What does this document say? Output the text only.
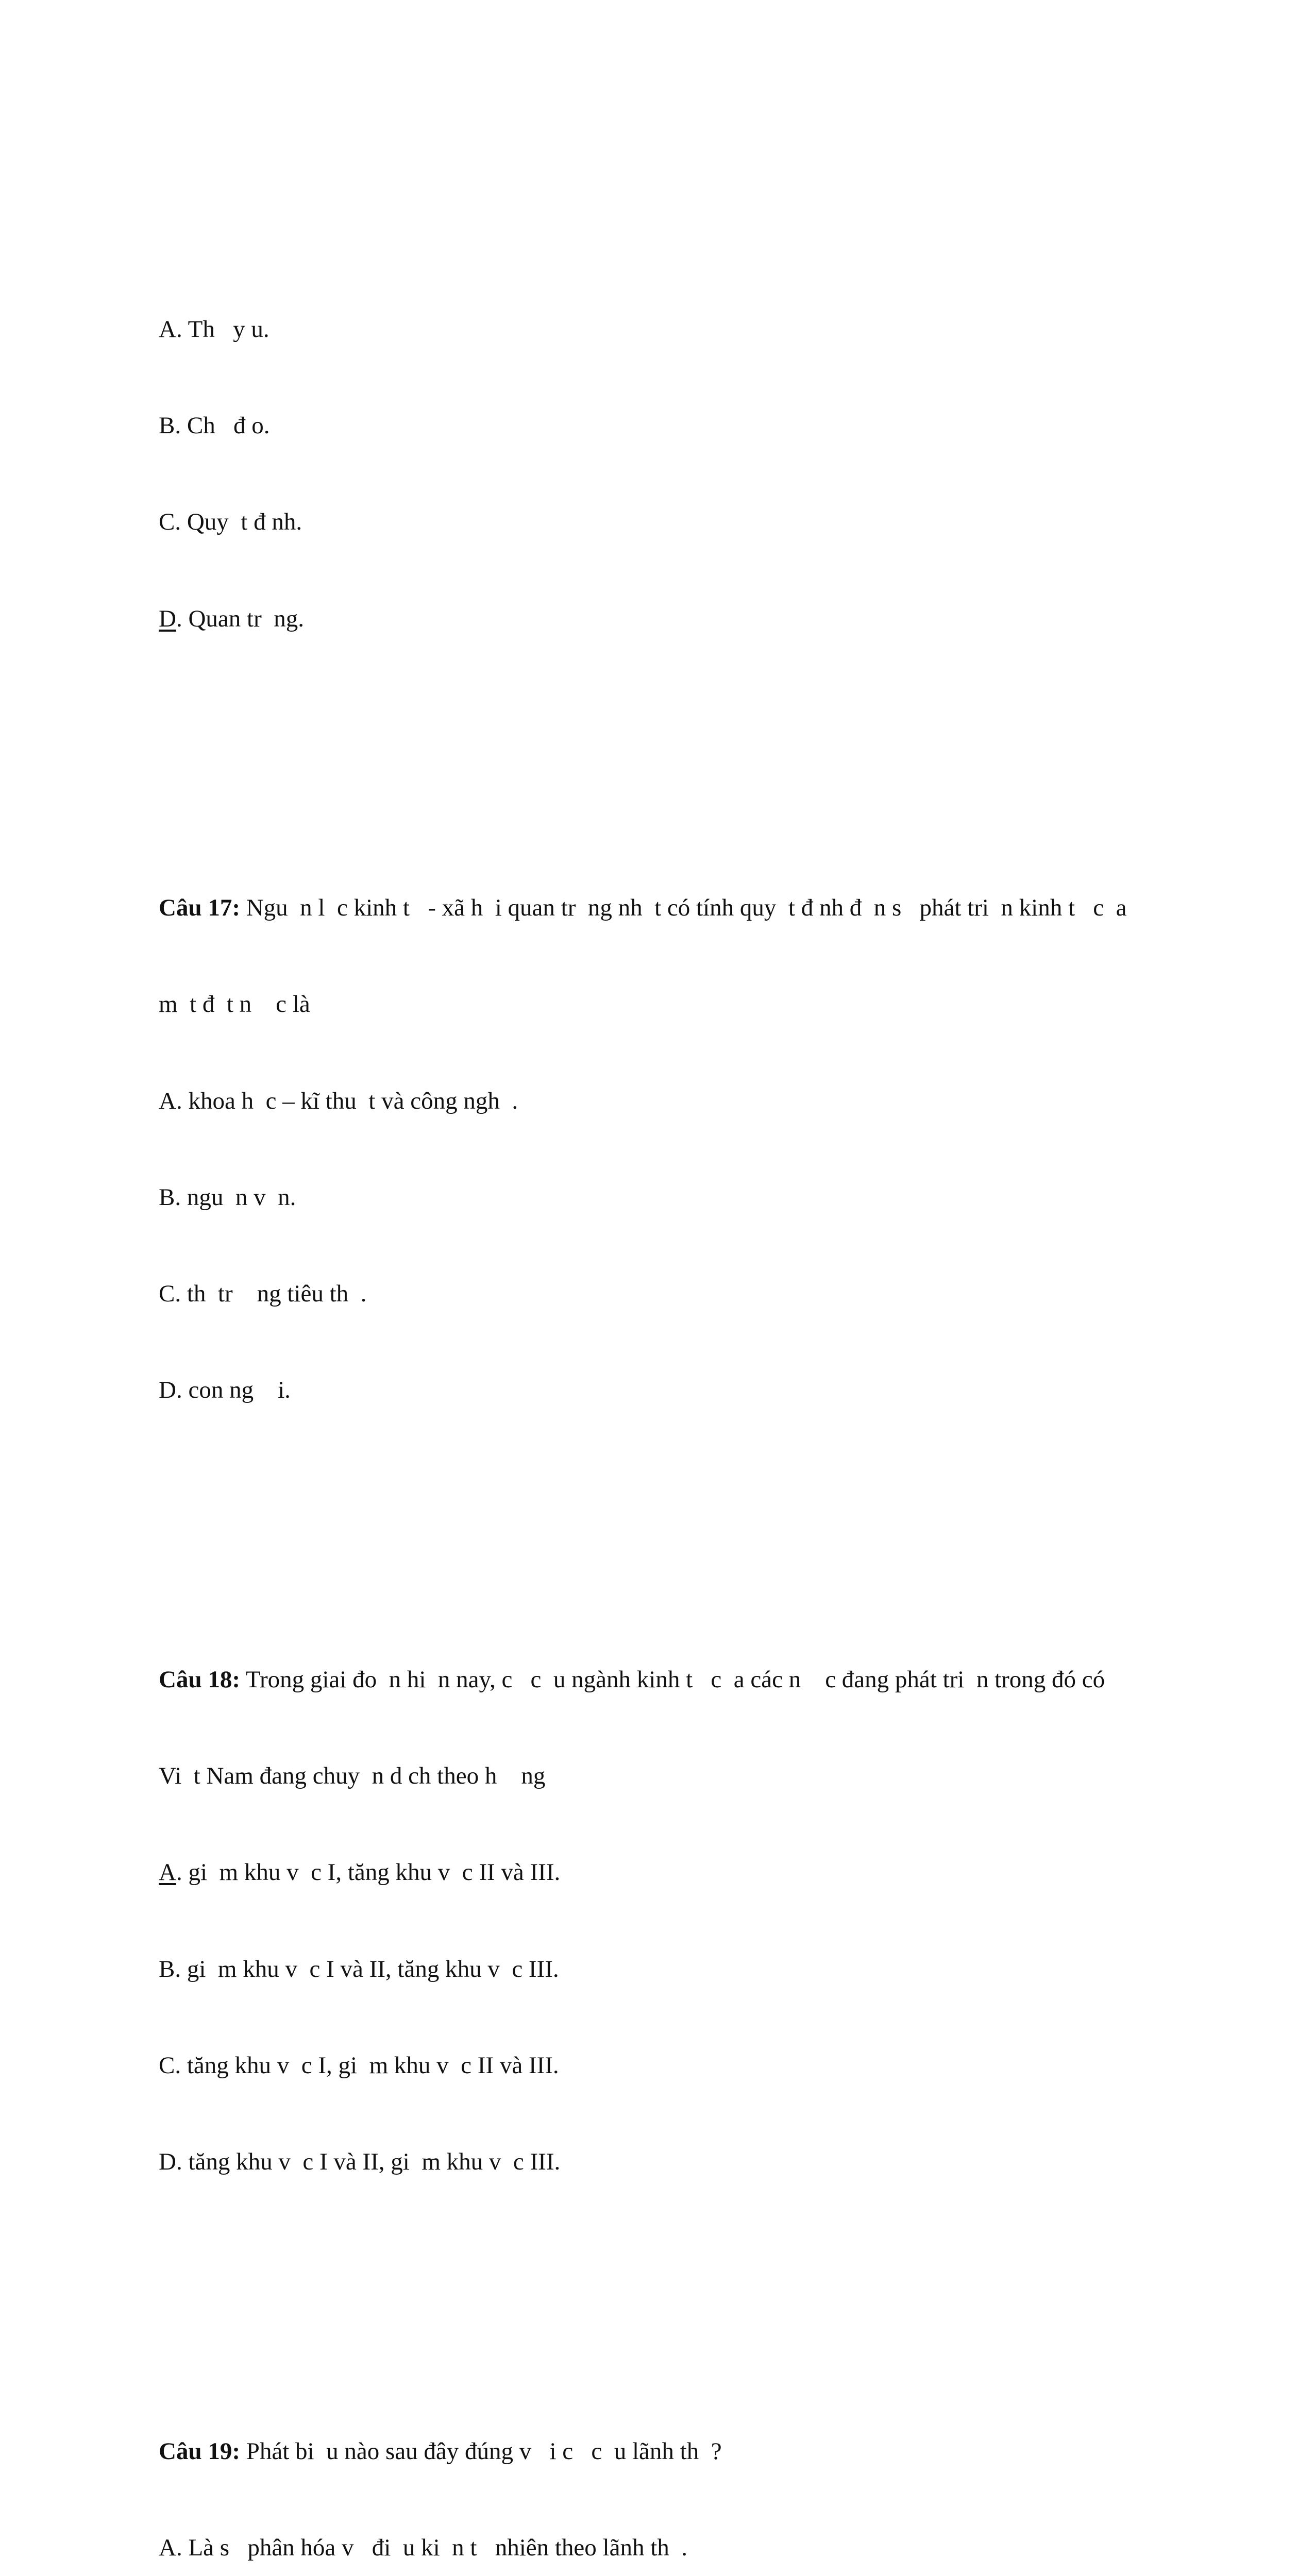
A. Th   y u.

B. Ch   đ o.

C. Quy  t đ nh.

D. Quan tr  ng.

Câu 17: Ngu  n l  c kinh t   - xã h  i quan tr  ng nh  t có tính quy  t đ nh đ  n s   phát tri  n kinh t   c  a

m  t đ  t n    c là

A. khoa h  c – kĩ thu  t và công ngh  .

B. ngu  n v  n.

C. th  tr    ng tiêu th  .

D. con ng    i.

Câu 18: Trong giai đo  n hi  n nay, c   c  u ngành kinh t   c  a các n    c đang phát tri  n trong đó có

Vi  t Nam đang chuy  n d ch theo h    ng

A. gi  m khu v  c I, tăng khu v  c II và III.

B. gi  m khu v  c I và II, tăng khu v  c III.

C. tăng khu v  c I, gi  m khu v  c II và III.

D. tăng khu v  c I và II, gi  m khu v  c III.

Câu 19: Phát bi  u nào sau đây đúng v   i c   c  u lãnh th  ?

A. Là s   phân hóa v   đi  u ki  n t   nhiên theo lãnh th  .
